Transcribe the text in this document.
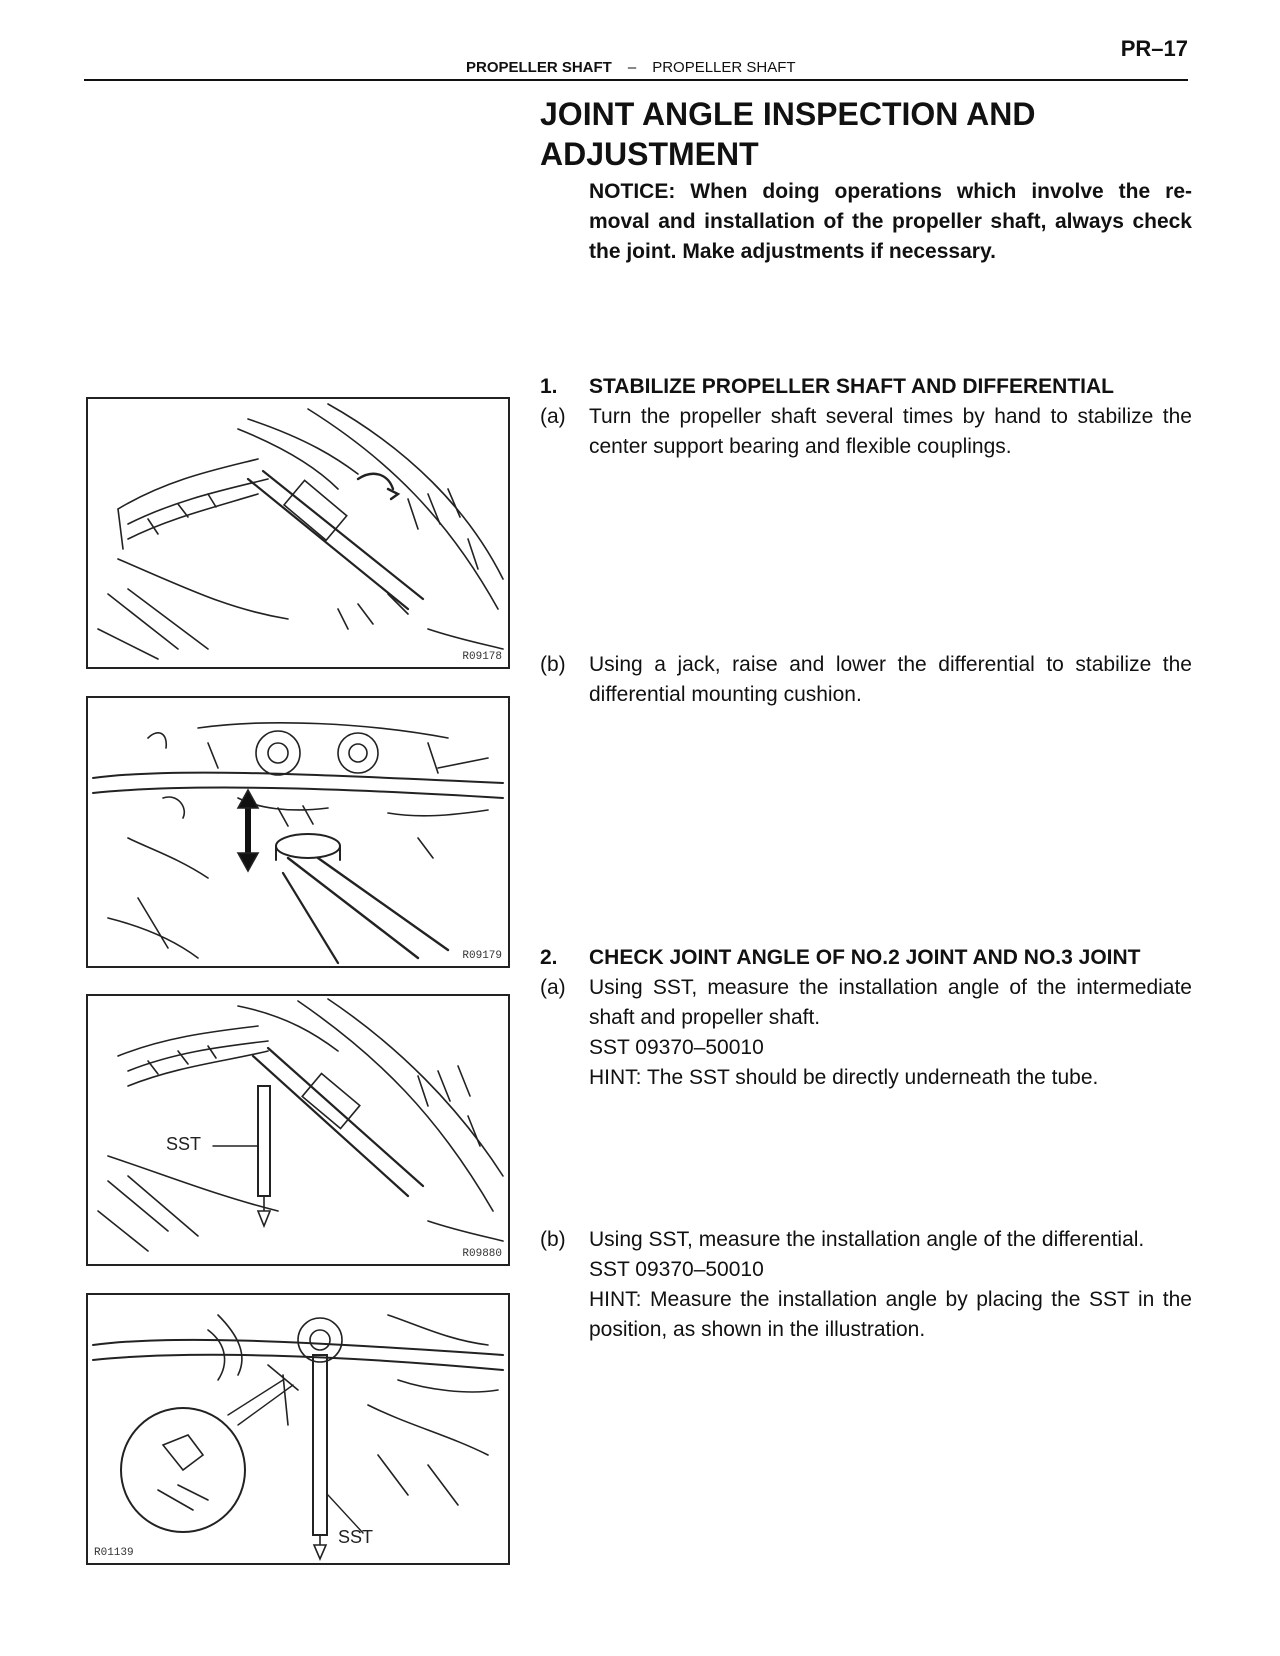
PR–17
PROPELLER SHAFT – PROPELLER SHAFT
JOINT ANGLE INSPECTION AND ADJUSTMENT
NOTICE: When doing operations which involve the re- moval and installation of the propeller shaft, always check the joint. Make adjustments if necessary.
1.	STABILIZE PROPELLER SHAFT AND DIFFERENTIAL
(a)	Turn the propeller shaft several times by hand to stabilize the center support bearing and flexible couplings.
(b)	Using a jack, raise and lower the differential to stabilize the differential mounting cushion.
2.	CHECK JOINT ANGLE OF NO.2 JOINT AND NO.3 JOINT
(a)	Using SST, measure the installation angle of the intermediate shaft and propeller shaft.
SST 09370–50010
HINT: The SST should be directly underneath the tube.
(b)	Using SST, measure the installation angle of the differential.
SST 09370–50010
HINT: Measure the installation angle by placing the SST in the position, as shown in the illustration.
R09178
R09179
SST
R09880
SST
R01139
